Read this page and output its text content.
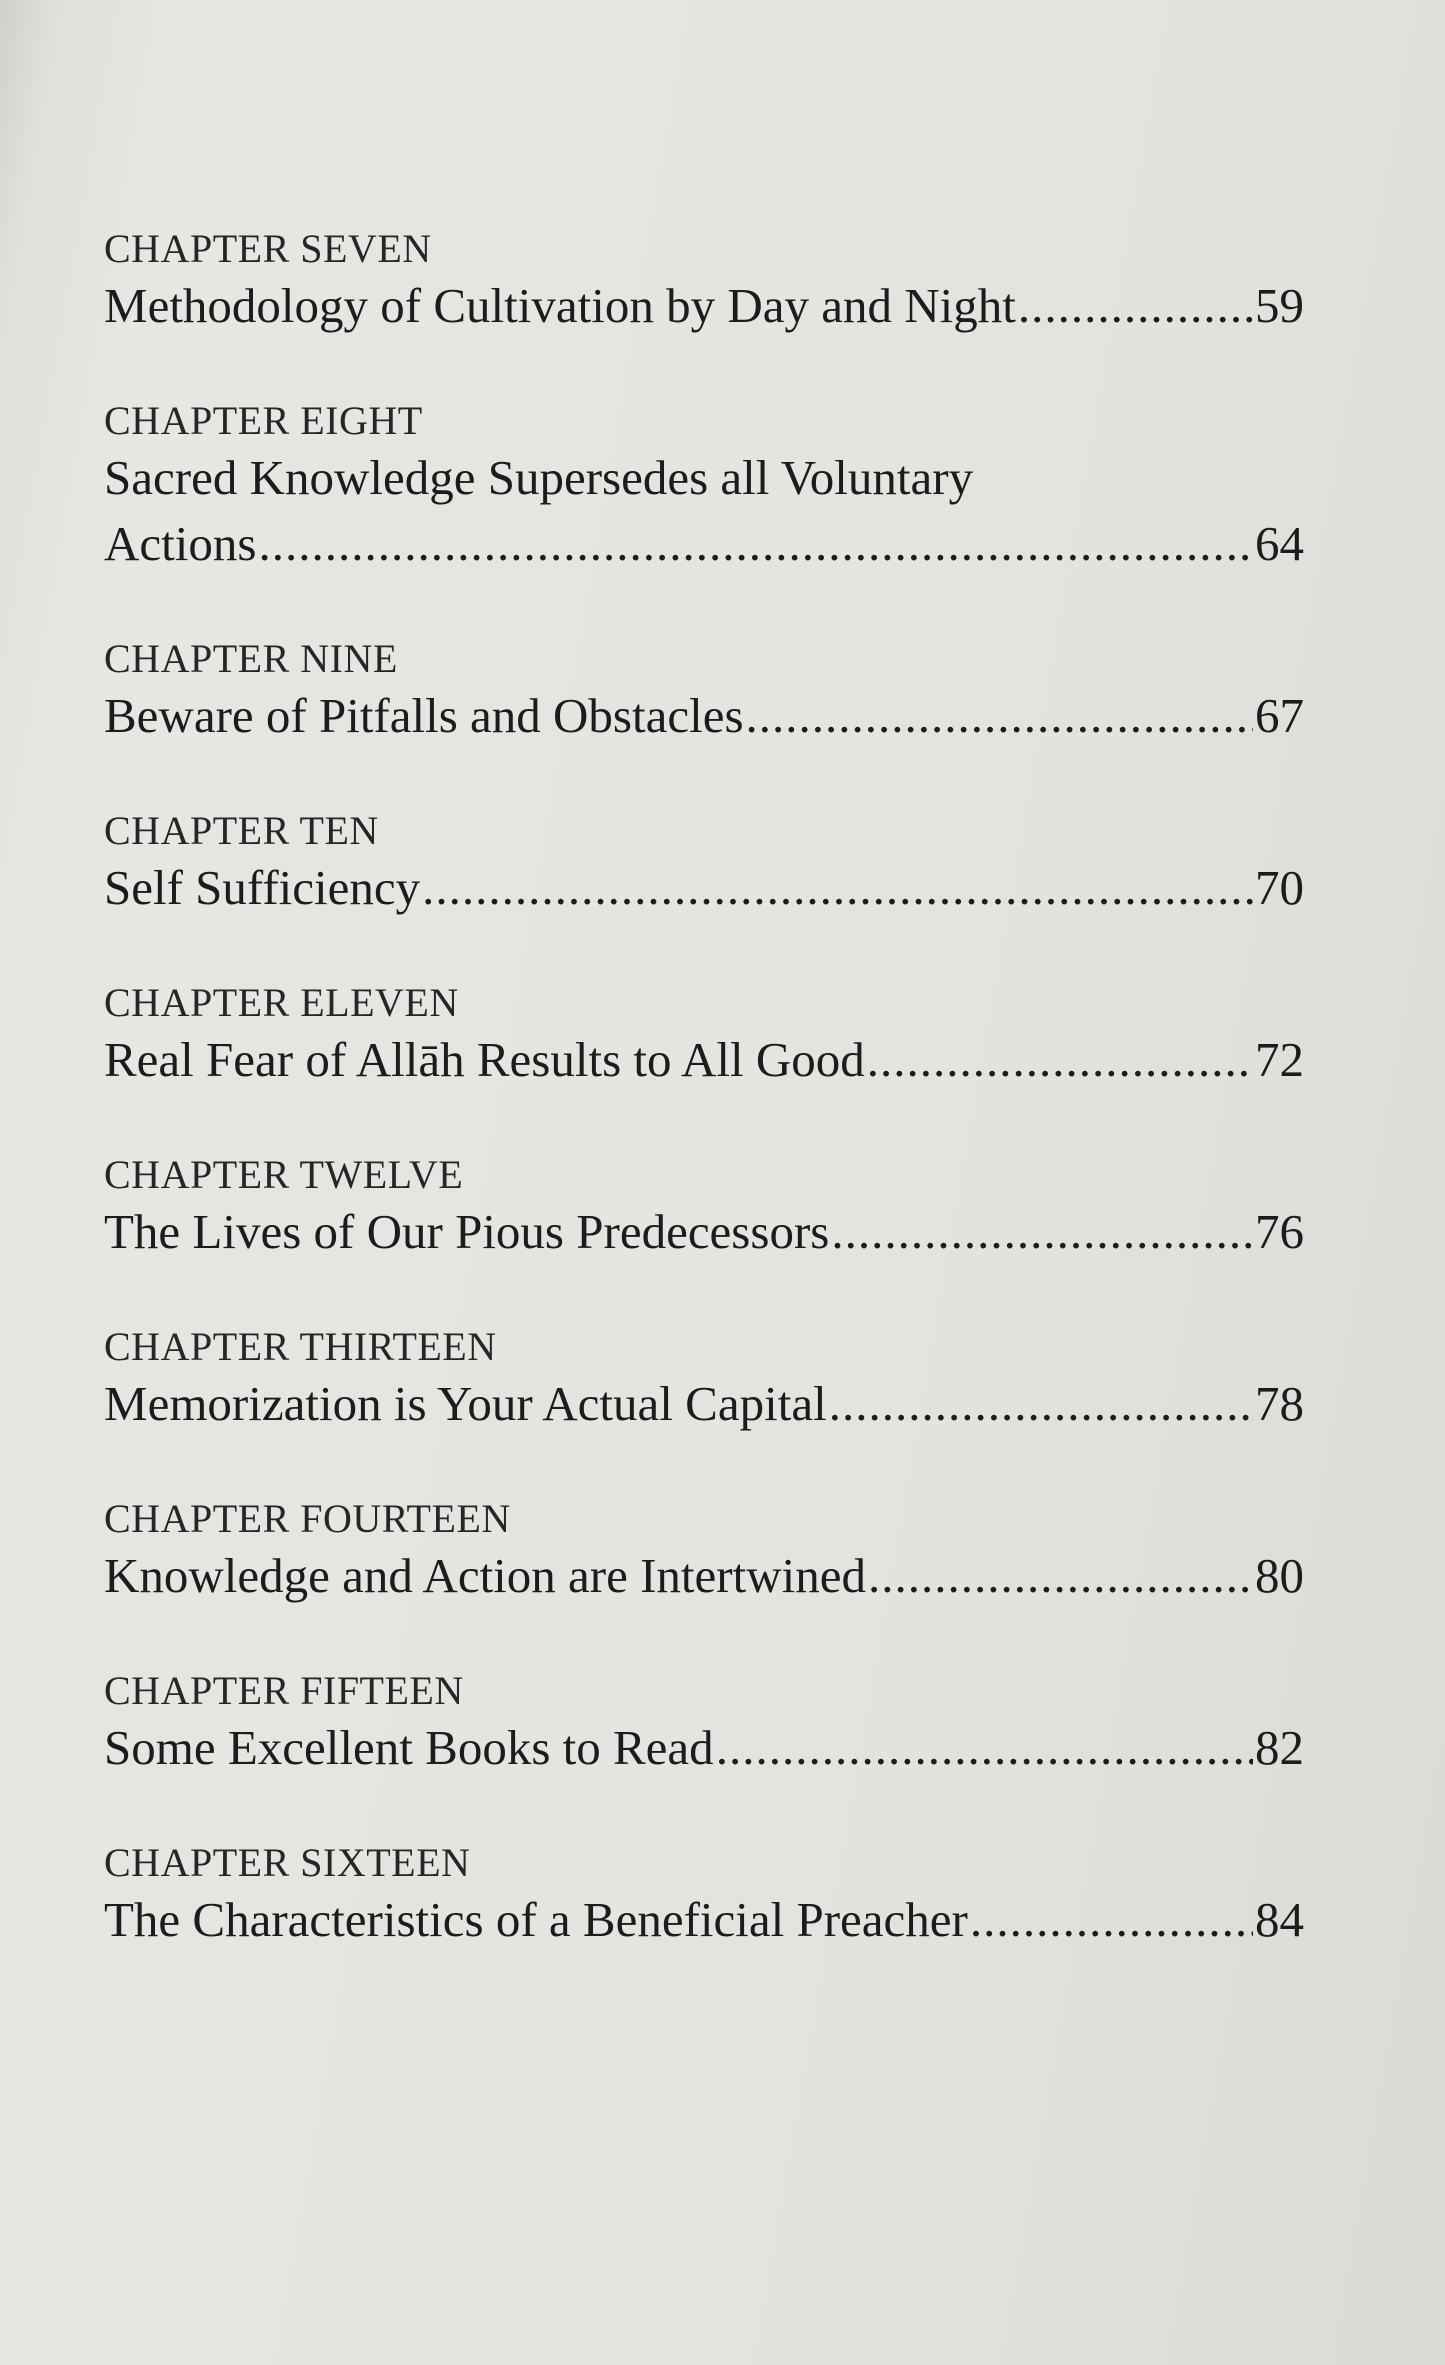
CHAPTER SEVEN
Methodology of Cultivation by Day and Night .....	59
CHAPTER EIGHT
Sacred Knowledge Supersedes all Voluntary
Actions .....	64
CHAPTER NINE
Beware of Pitfalls and Obstacles .....	67
CHAPTER TEN
Self Sufficiency .....	70
CHAPTER ELEVEN
Real Fear of Allāh Results to All Good .....	72
CHAPTER TWELVE
The Lives of Our Pious Predecessors .....	76
CHAPTER THIRTEEN
Memorization is Your Actual Capital .....	78
CHAPTER FOURTEEN
Knowledge and Action are Intertwined .....	80
CHAPTER FIFTEEN
Some Excellent Books to Read .....	82
CHAPTER SIXTEEN
The Characteristics of a Beneficial Preacher .....	84
